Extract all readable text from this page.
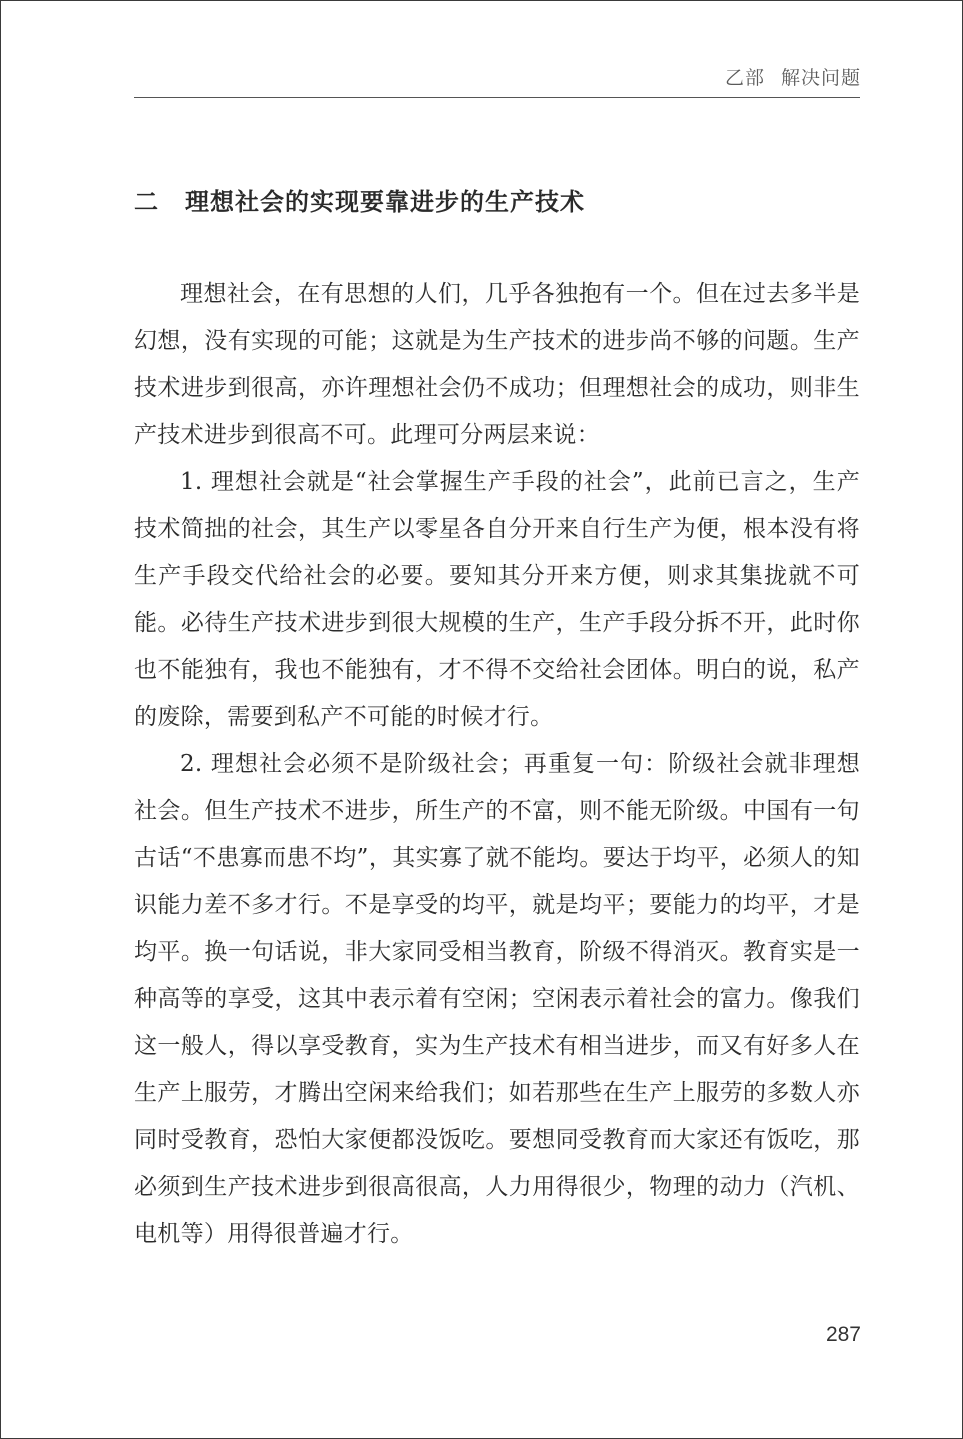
乙部 解决问题
二 理想社会的实现要靠进步的生产技术

理想社会，在有思想的人们，几乎各独抱有一个。但在过去多半是幻想，没有实现的可能；这就是为生产技术的进步尚不够的问题。生产技术进步到很高，亦许理想社会仍不成功；但理想社会的成功，则非生产技术进步到很高不可。此理可分两层来说：

1. 理想社会就是“社会掌握生产手段的社会”，此前已言之，生产技术简拙的社会，其生产以零星各自分开来自行生产为便，根本没有将生产手段交代给社会的必要。要知其分开来方便，则求其集拢就不可能。必待生产技术进步到很大规模的生产，生产手段分拆不开，此时你也不能独有，我也不能独有，才不得不交给社会团体。明白的说，私产的废除，需要到私产不可能的时候才行。

2. 理想社会必须不是阶级社会；再重复一句：阶级社会就非理想社会。但生产技术不进步，所生产的不富，则不能无阶级。中国有一句古话“不患寡而患不均”，其实寡了就不能均。要达于均平，必须人的知识能力差不多才行。不是享受的均平，就是均平；要能力的均平，才是均平。换一句话说，非大家同受相当教育，阶级不得消灭。教育实是一种高等的享受，这其中表示着有空闲；空闲表示着社会的富力。像我们这一般人，得以享受教育，实为生产技术有相当进步，而又有好多人在生产上服劳，才腾出空闲来给我们；如若那些在生产上服劳的多数人亦同时受教育，恐怕大家便都没饭吃。要想同受教育而大家还有饭吃，那必须到生产技术进步到很高很高，人力用得很少，物理的动力（汽机、电机等）用得很普遍才行。

287
